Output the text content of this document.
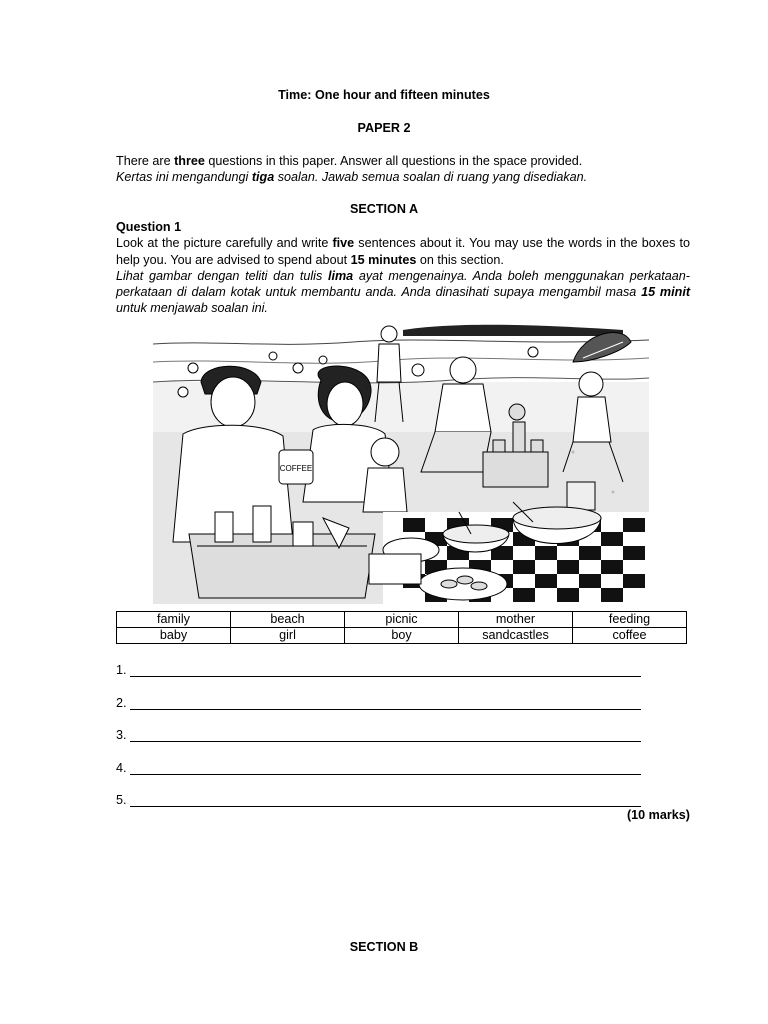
Time: One hour and fifteen minutes
PAPER 2
There are three questions in this paper. Answer all questions in the space provided.
Kertas ini mengandungi tiga soalan. Jawab semua soalan di ruang yang disediakan.
SECTION A
Question 1
Look at the picture carefully and write five sentences about it. You may use the words in the boxes to help you. You are advised to spend about 15 minutes on this section.
Lihat gambar dengan teliti dan tulis lima ayat mengenainya. Anda boleh menggunakan perkataan-perkataan di dalam kotak untuk membantu anda. Anda dinasihati supaya mengambil masa 15 minit untuk menjawab soalan ini.
COFFEE
family	beach	picnic	mother	feeding
baby	girl	boy	sandcastles	coffee
1.
2.
3.
4.
5.
(10 marks)
SECTION B
